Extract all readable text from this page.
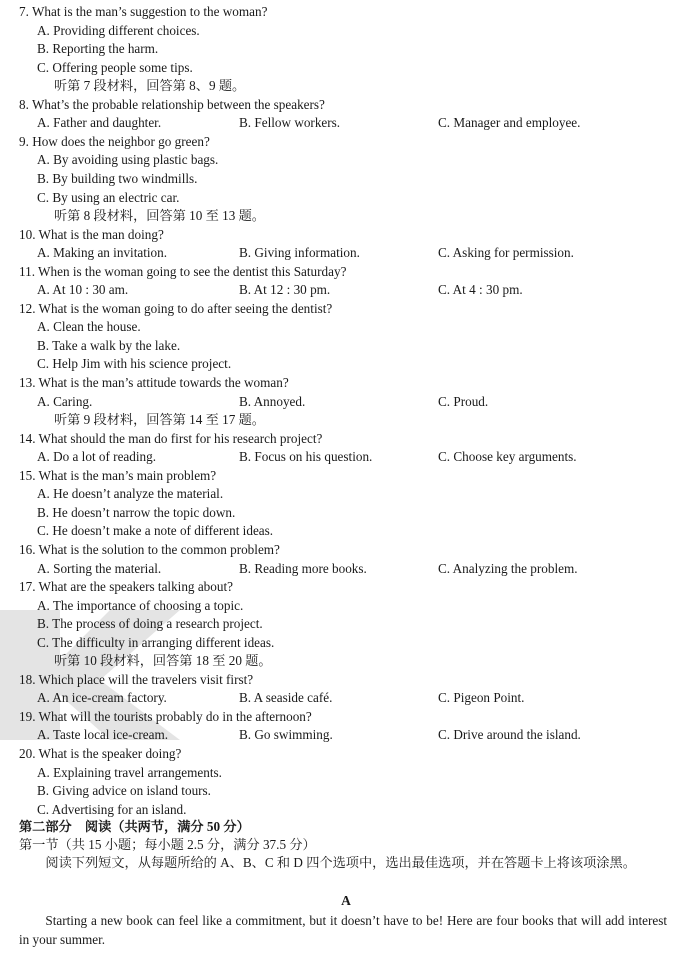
7. What is the man’s suggestion to the woman?
A. Providing different choices.
B. Reporting the harm.
C. Offering people some tips.
听第 7 段材料，回答第 8、9 题。
8. What’s the probable relationship between the speakers?
A. Father and daughter.	B. Fellow workers.	C. Manager and employee.
9. How does the neighbor go green?
A. By avoiding using plastic bags.
B. By building two windmills.
C. By using an electric car.
听第 8 段材料，回答第 10 至 13 题。
10. What is the man doing?
A. Making an invitation.	B. Giving information.	C. Asking for permission.
11. When is the woman going to see the dentist this Saturday?
A. At 10 : 30 am.	B. At 12 : 30 pm.	C. At 4 : 30 pm.
12. What is the woman going to do after seeing the dentist?
A. Clean the house.
B. Take a walk by the lake.
C. Help Jim with his science project.
13. What is the man’s attitude towards the woman?
A. Caring.	B. Annoyed.	C. Proud.
听第 9 段材料，回答第 14 至 17 题。
14. What should the man do first for his research project?
A. Do a lot of reading.	B. Focus on his question.	C. Choose key arguments.
15. What is the man’s main problem?
A. He doesn’t analyze the material.
B. He doesn’t narrow the topic down.
C. He doesn’t make a note of different ideas.
16. What is the solution to the common problem?
A. Sorting the material.	B. Reading more books.	C. Analyzing the problem.
17. What are the speakers talking about?
A. The importance of choosing a topic.
B. The process of doing a research project.
C. The difficulty in arranging different ideas.
听第 10 段材料，回答第 18 至 20 题。
18. Which place will the travelers visit first?
A. An ice-cream factory.	B. A seaside café.	C. Pigeon Point.
19. What will the tourists probably do in the afternoon?
A. Taste local ice-cream.	B. Go swimming.	C. Drive around the island.
20. What is the speaker doing?
A. Explaining travel arrangements.
B. Giving advice on island tours.
C. Advertising for an island.
第二部分　阅读（共两节，满分 50 分）
第一节（共 15 小题；每小题 2.5 分，满分 37.5 分）
阅读下列短文，从每题所给的 A、B、C 和 D 四个选项中，选出最佳选项，并在答题卡上将该项涂黑。
A
Starting a new book can feel like a commitment, but it doesn’t have to be! Here are four books that will add interest in your summer.
